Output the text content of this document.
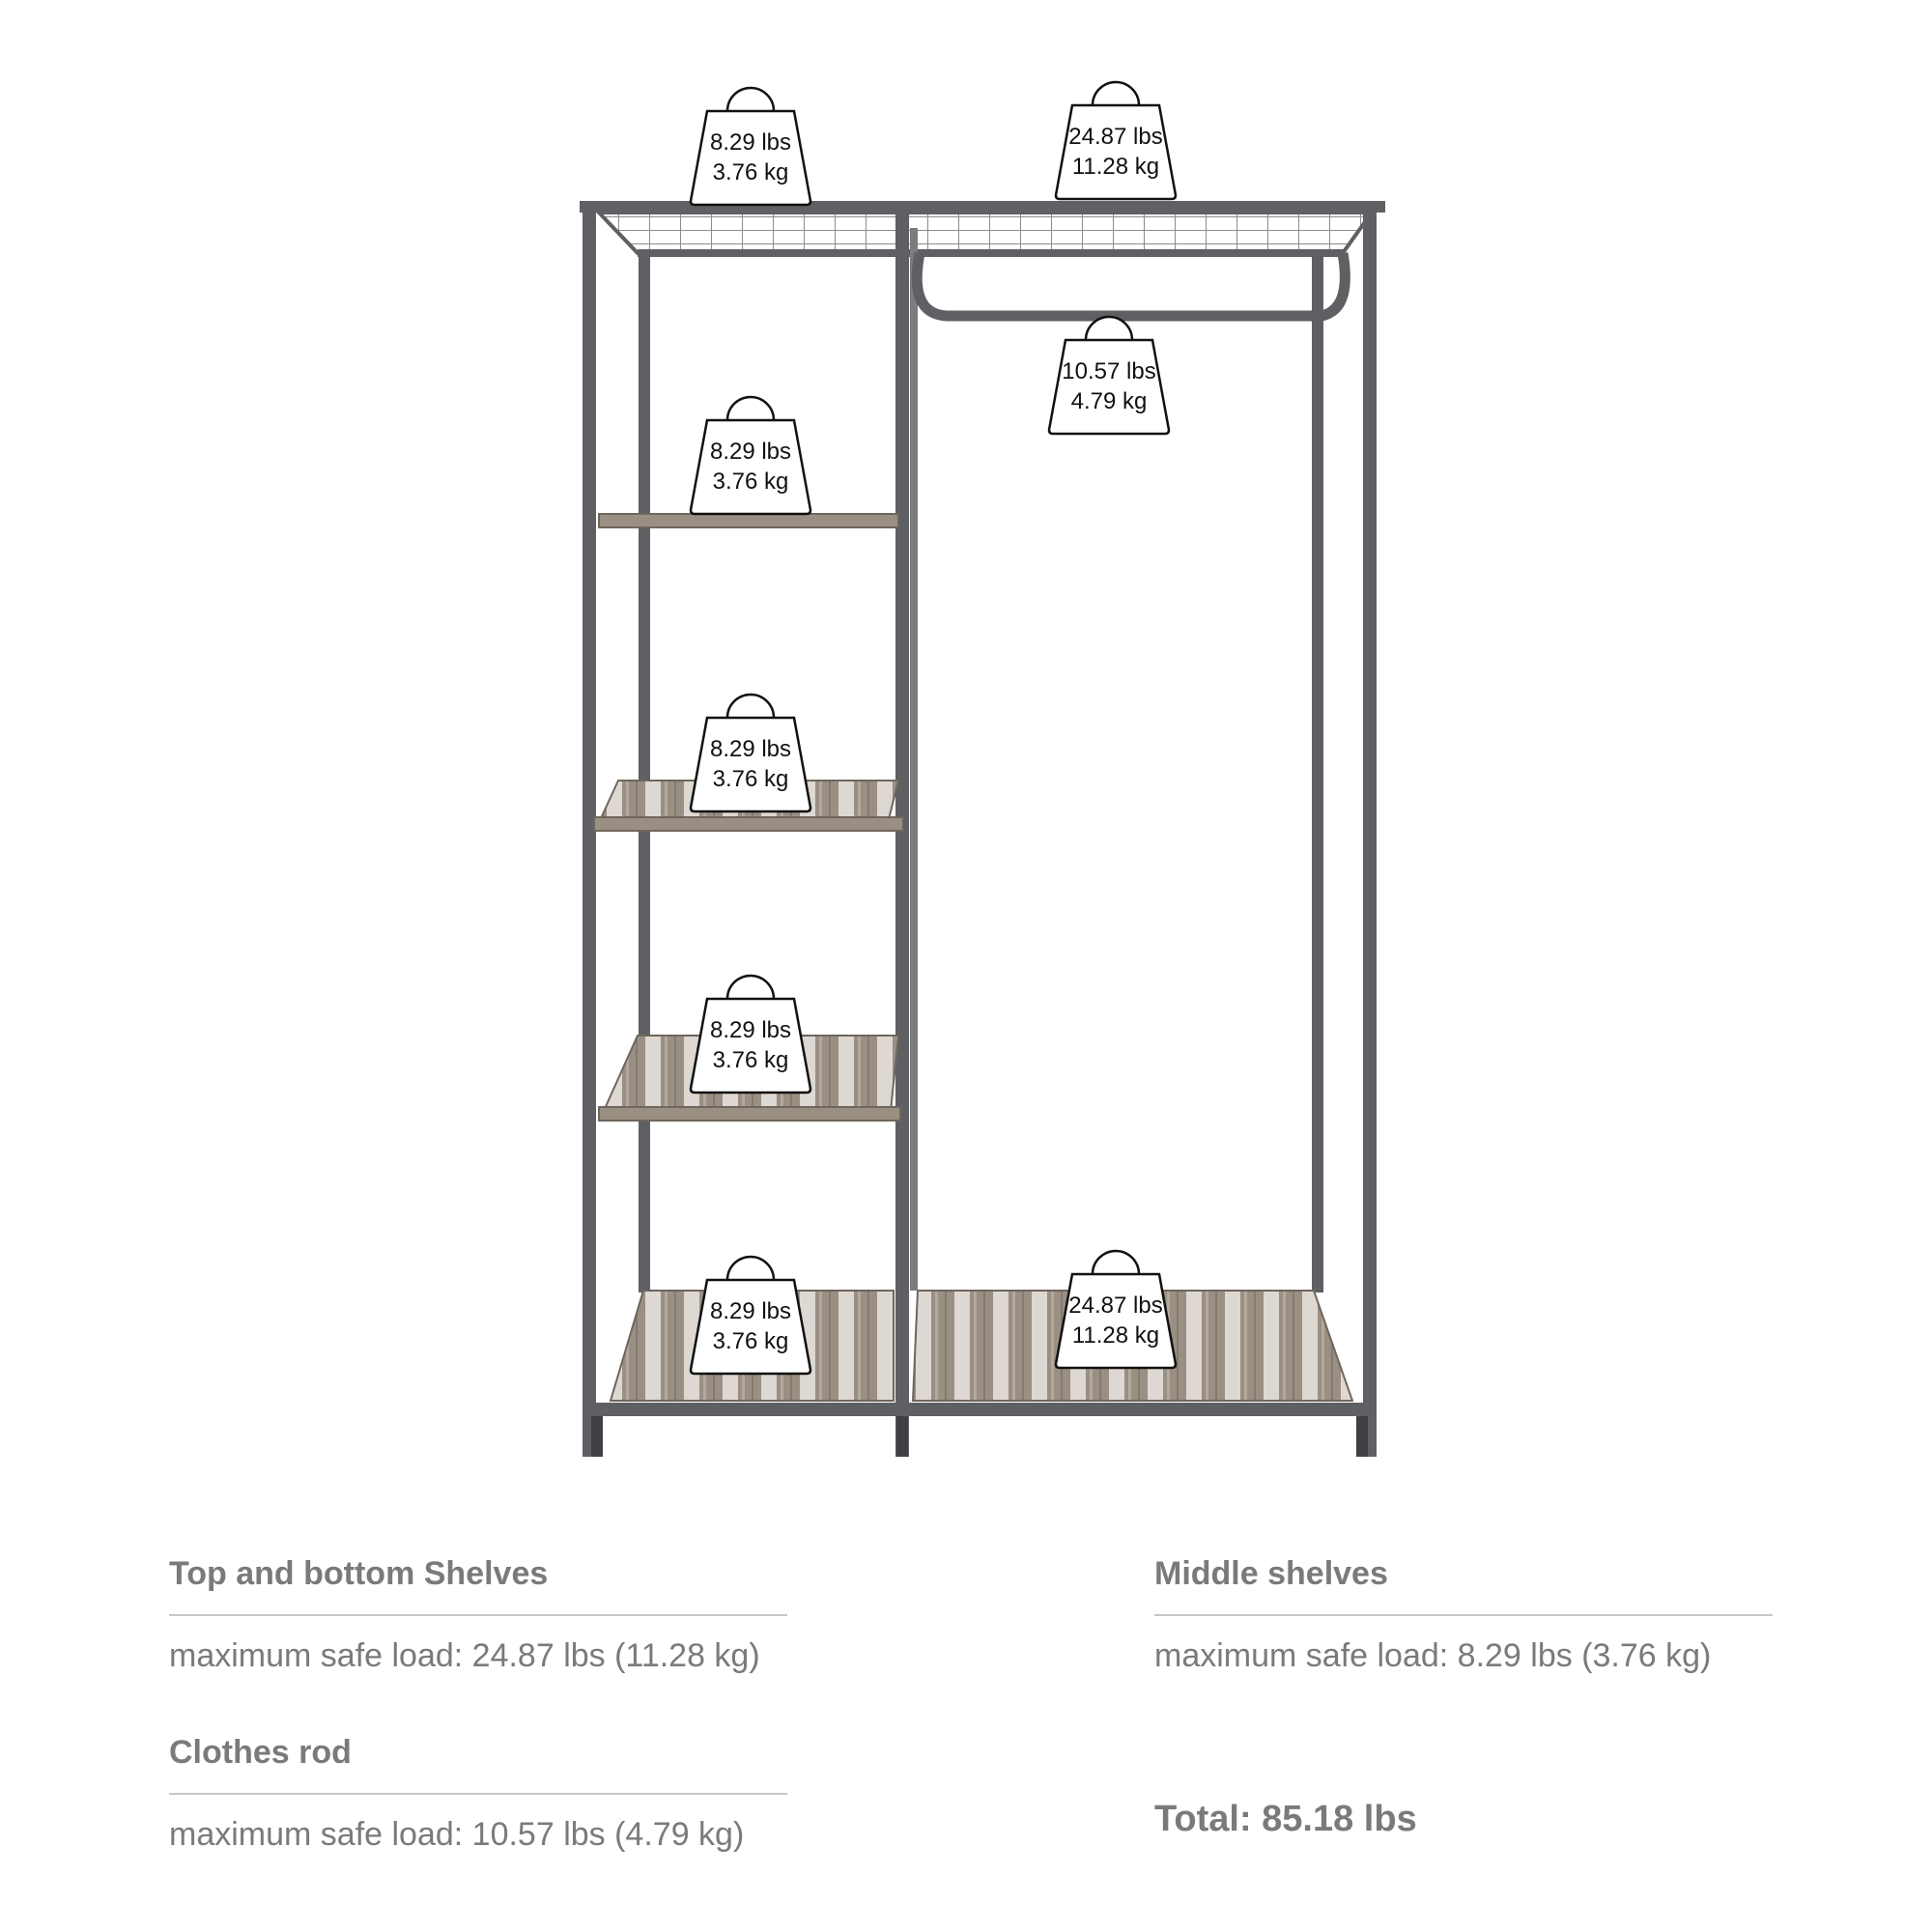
8.29 lbs
3.76 kg
24.87 lbs
11.28 kg
10.57 lbs
4.79 kg
8.29 lbs
3.76 kg
8.29 lbs
3.76 kg
8.29 lbs
3.76 kg
8.29 lbs
3.76 kg
24.87 lbs
11.28 kg
Top and bottom Shelves

maximum safe load: 24.87 lbs (11.28 kg)

Middle shelves

maximum safe load: 8.29 lbs (3.76 kg)

Clothes rod

maximum safe load: 10.57 lbs (4.79 kg)	Total: 85.18 lbs
